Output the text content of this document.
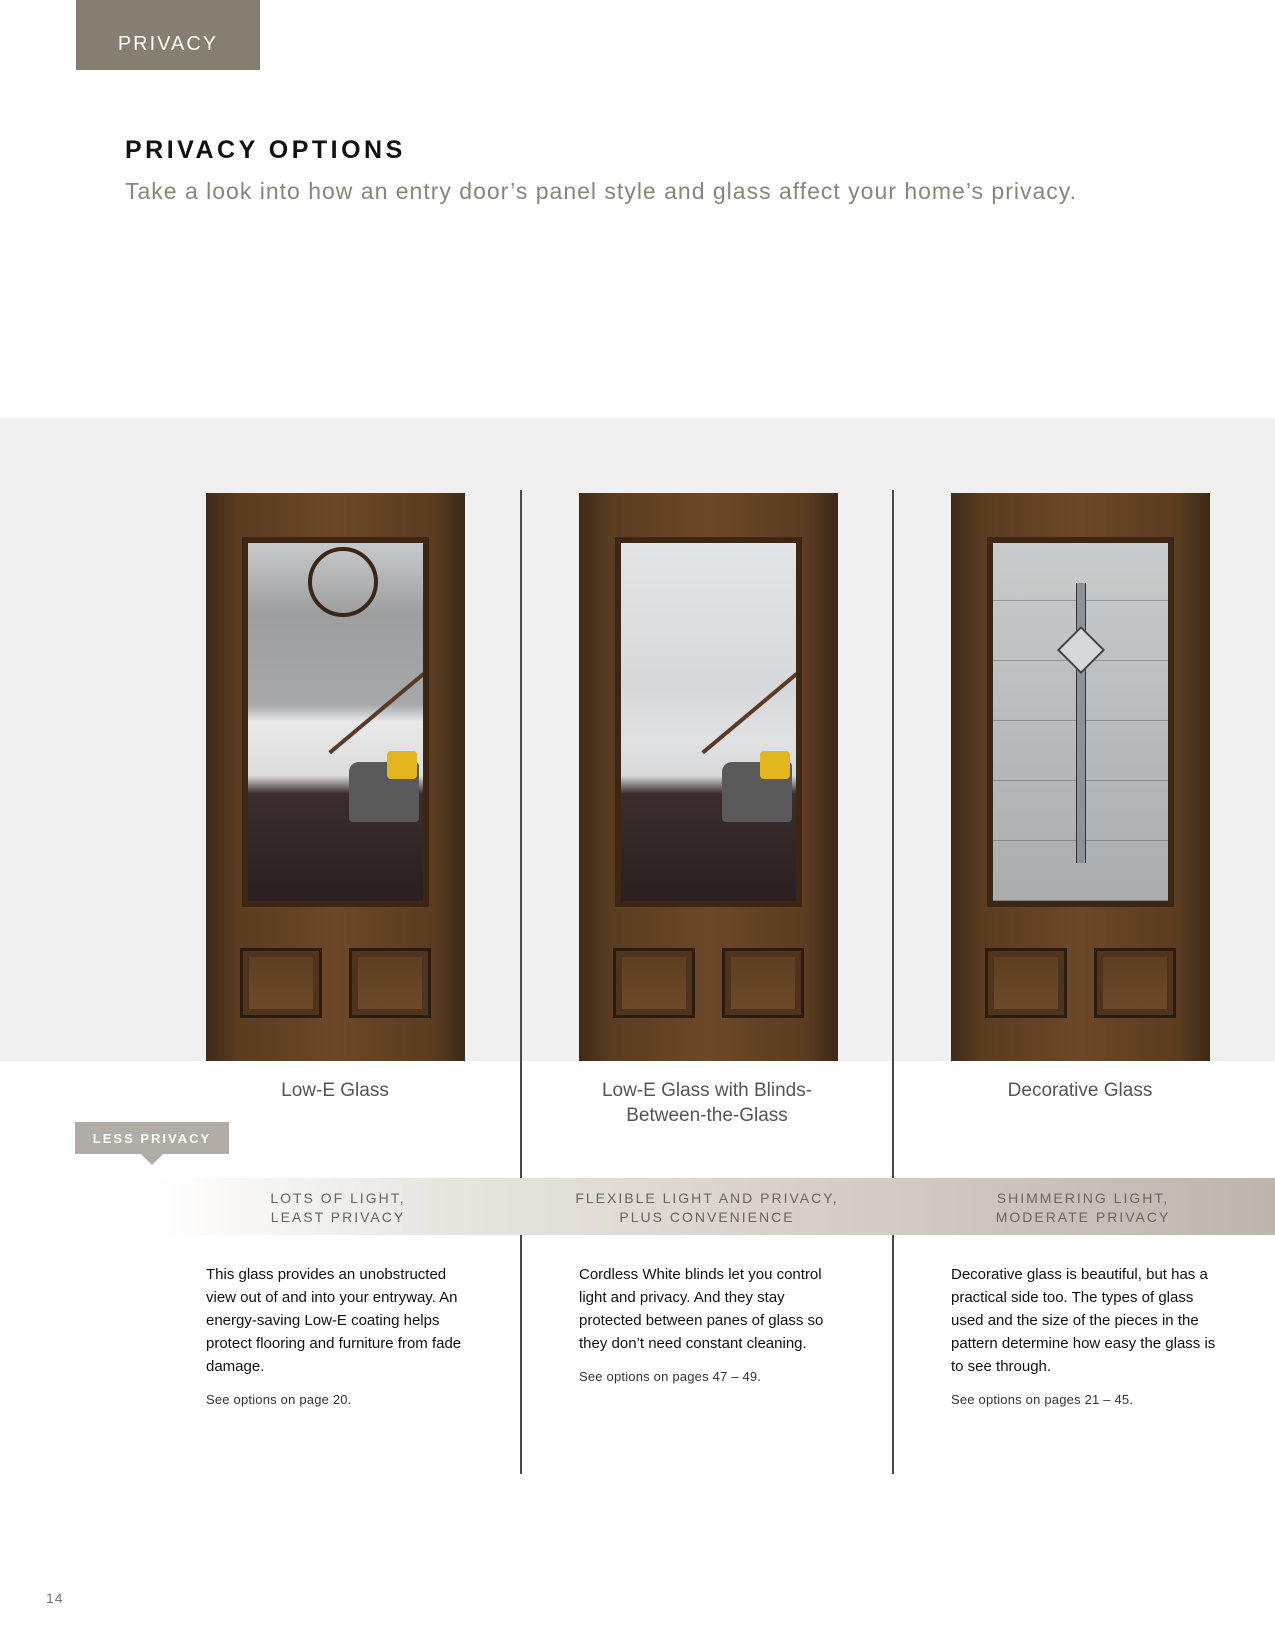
PRIVACY
PRIVACY OPTIONS

Take a look into how an entry door’s panel style and glass affect your home’s privacy.

Low-E Glass	Low-E Glass with Blinds-
Between-the-Glass
Decorative Glass
LESS PRIVACY
LOTS OF LIGHT,
LEAST PRIVACY
FLEXIBLE LIGHT AND PRIVACY,
PLUS CONVENIENCE
SHIMMERING LIGHT,
MODERATE PRIVACY

This glass provides an unobstructed view out of and into your entryway. An energy-saving Low-E coating helps protect flooring and furniture from fade damage.

See options on page 20.

Cordless White blinds let you control light and privacy. And they stay protected between panes of glass so they don’t need constant cleaning.

See options on pages 47 – 49.

Decorative glass is beautiful, but has a practical side too. The types of glass used and the size of the pieces in the pattern determine how easy the glass is to see through.

See options on pages 21 – 45.

14
